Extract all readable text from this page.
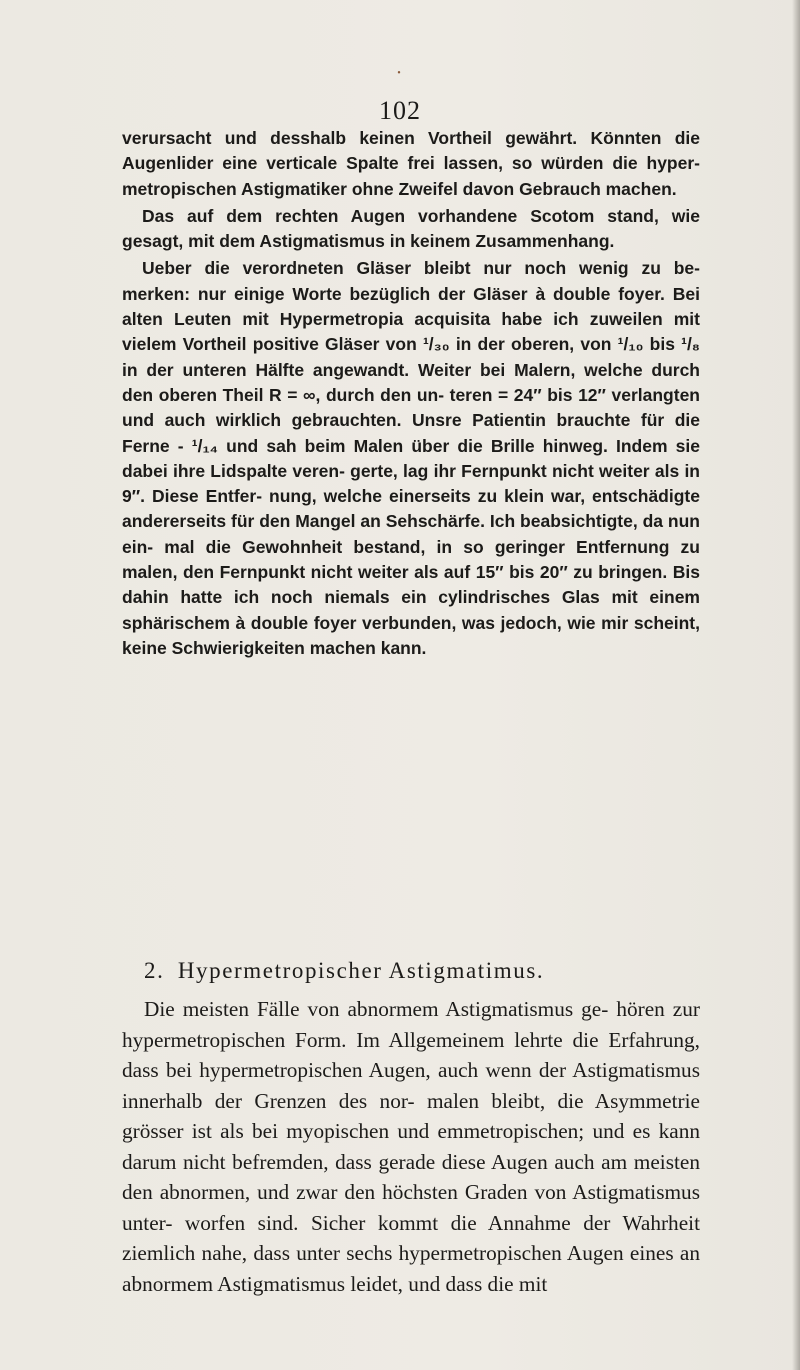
•
102

verursacht und desshalb keinen Vortheil gewährt. Könnten die Augenlider eine verticale Spalte frei lassen, so würden die hyper- metropischen Astigmatiker ohne Zweifel davon Gebrauch machen.

Das auf dem rechten Augen vorhandene Scotom stand, wie gesagt, mit dem Astigmatismus in keinem Zusammenhang.

Ueber die verordneten Gläser bleibt nur noch wenig zu be- merken: nur einige Worte bezüglich der Gläser à double foyer. Bei alten Leuten mit Hypermetropia acquisita habe ich zuweilen mit vielem Vortheil positive Gläser von ¹/₃₀ in der oberen, von ¹/₁₀ bis ¹/₈ in der unteren Hälfte angewandt. Weiter bei Malern, welche durch den oberen Theil R = ∞, durch den un- teren = 24″ bis 12″ verlangten und auch wirklich gebrauchten. Unsre Patientin brauchte für die Ferne - ¹/₁₄ und sah beim Malen über die Brille hinweg. Indem sie dabei ihre Lidspalte veren- gerte, lag ihr Fernpunkt nicht weiter als in 9″. Diese Entfer- nung, welche einerseits zu klein war, entschädigte andererseits für den Mangel an Sehschärfe. Ich beabsichtigte, da nun ein- mal die Gewohnheit bestand, in so geringer Entfernung zu malen, den Fernpunkt nicht weiter als auf 15″ bis 20″ zu bringen. Bis dahin hatte ich noch niemals ein cylindrisches Glas mit einem sphärischem à double foyer verbunden, was jedoch, wie mir scheint, keine Schwierigkeiten machen kann.

2. Hypermetropischer Astigmatimus.

Die meisten Fälle von abnormem Astigmatismus ge- hören zur hypermetropischen Form. Im Allgemeinem lehrte die Erfahrung, dass bei hypermetropischen Augen, auch wenn der Astigmatismus innerhalb der Grenzen des nor- malen bleibt, die Asymmetrie grösser ist als bei myopischen und emmetropischen; und es kann darum nicht befremden, dass gerade diese Augen auch am meisten den abnormen, und zwar den höchsten Graden von Astigmatismus unter- worfen sind. Sicher kommt die Annahme der Wahrheit ziemlich nahe, dass unter sechs hypermetropischen Augen eines an abnormem Astigmatismus leidet, und dass die mit
